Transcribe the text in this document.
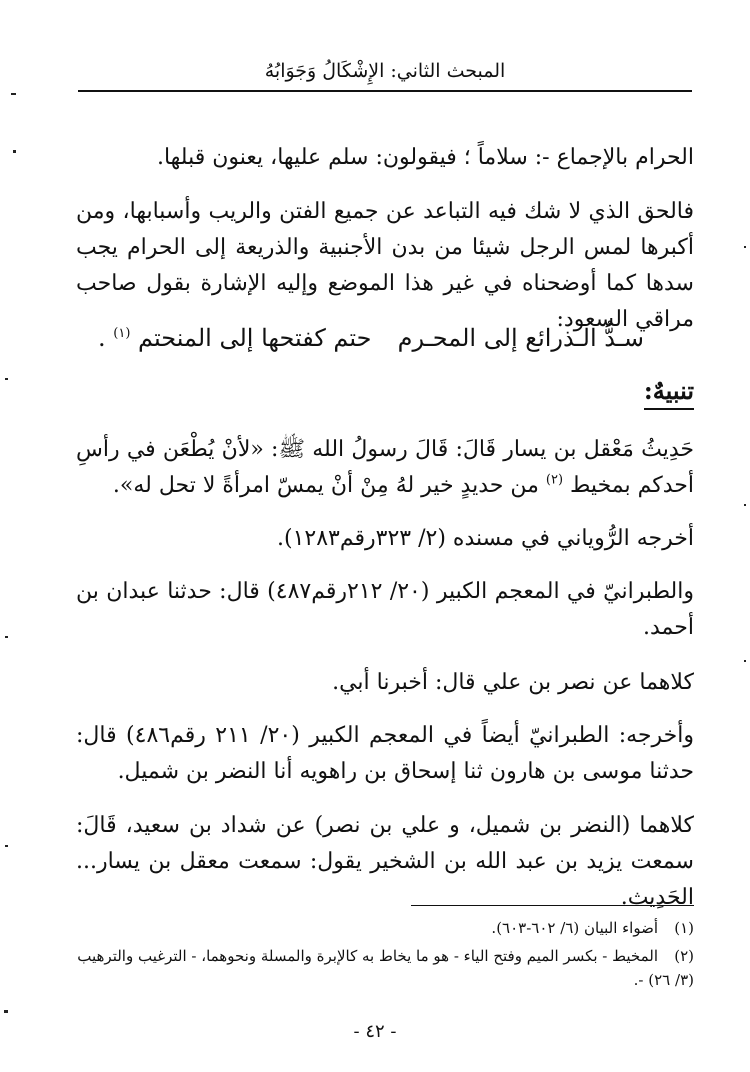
المبحث الثاني: الإِشْكَالُ وَجَوَابُهُ
الحرام بالإجماع -: سلاماً ؛ فيقولون: سلم عليها، يعنون قبلها.
فالحق الذي لا شك فيه التباعد عن جميع الفتن والريب وأسبابها، ومن أكبرها لمس الرجل شيئا من بدن الأجنبية والذريعة إلى الحرام يجب سدها كما أوضحناه في غير هذا الموضع وإليه الإشارة بقول صاحب مراقي السعود:
سـدُّ الـذرائع إلى المحـرم
حتم كفتحها إلى المنحتم $^{(١)}$ .
تنبيهٌ:
حَدِيثُ مَعْقل بن يسار قَالَ: قَالَ رسولُ الله ﷺ: «لأنْ يُطْعَن في رأسِ أحدكم بمخيط $^{(٢)}$ من حديدٍ خير لهُ مِنْ أنْ يمسّ امرأةً لا تحل له».
أخرجه الرُّوياني في مسنده (٢/ ٣٢٣رقم١٢٨٣).
والطبرانيّ في المعجم الكبير (٢٠/ ٢١٢رقم٤٨٧) قال: حدثنا عبدان بن أحمد.
كلاهما عن نصر بن علي قال: أخبرنا أبي.
وأخرجه: الطبرانيّ أيضاً في المعجم الكبير (٢٠/ ٢١١ رقم٤٨٦) قال: حدثنا موسى بن هارون ثنا إسحاق بن راهويه أنا النضر بن شميل.
كلاهما (النضر بن شميل، و علي بن نصر) عن شداد بن سعيد، قَالَ: سمعت يزيد بن عبد الله بن الشخير يقول: سمعت معقل بن يسار... الحَدِيث.
(١)أضواء البيان (٦/ ٦٠٢-٦٠٣).
(٢)المخيط - بكسر الميم وفتح الياء - هو ما يخاط به كالإبرة والمسلة ونحوهما، - الترغيب والترهيب (٣/ ٢٦) -.
- ٤٢ -
